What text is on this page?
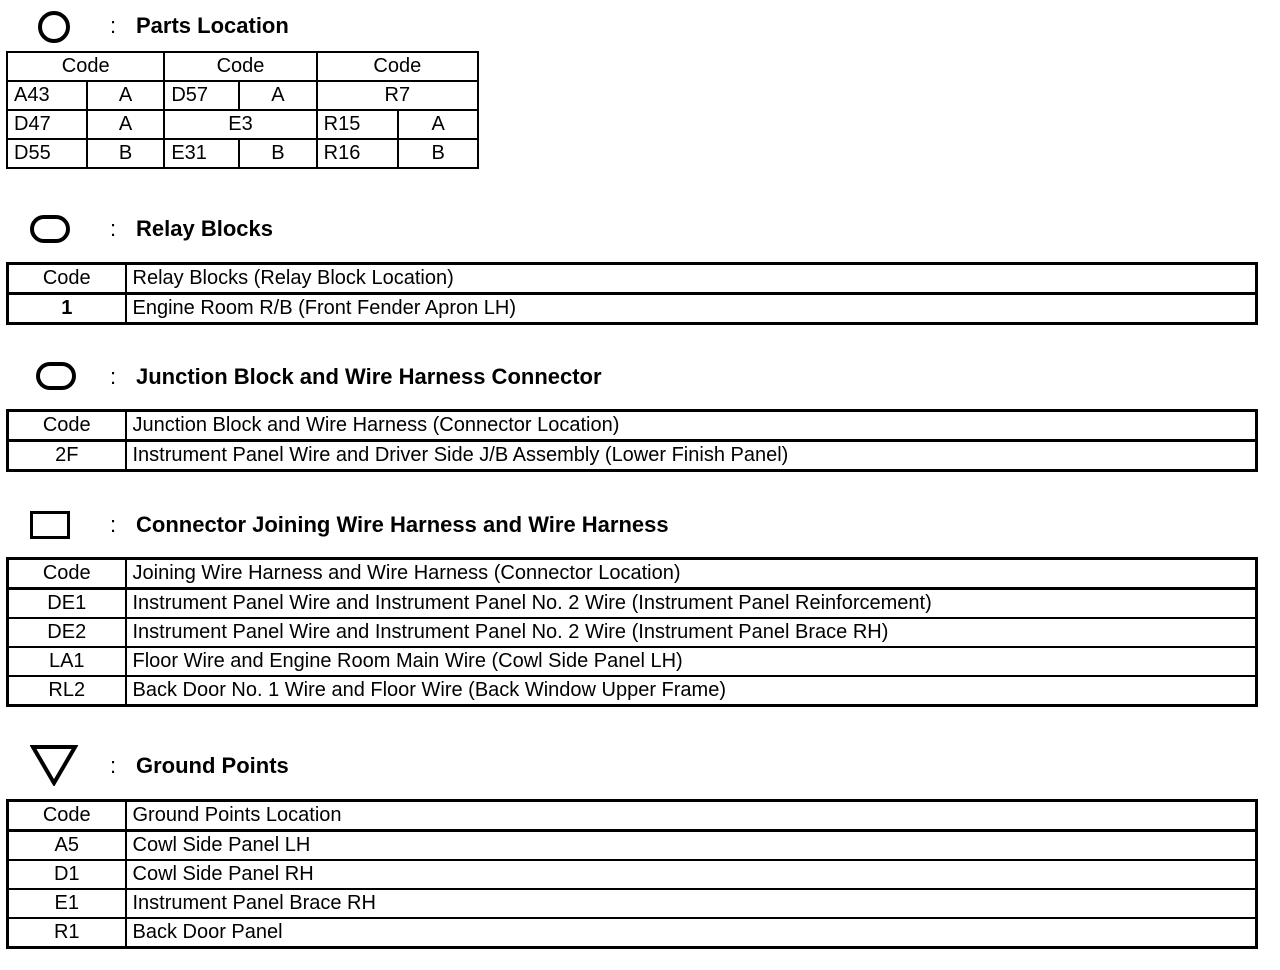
: Parts Location
Code		Code		Code	
A43	A	D57	A	R7	
D47	A	E3		R15	A
D55	B	E31	B	R16	B
: Relay Blocks
Code	Relay Blocks (Relay Block Location)
1	Engine Room R/B (Front Fender Apron LH)
: Junction Block and Wire Harness Connector
Code	Junction Block and Wire Harness (Connector Location)
2F	Instrument Panel Wire and Driver Side J/B Assembly (Lower Finish Panel)
: Connector Joining Wire Harness and Wire Harness
Code	Joining Wire Harness and Wire Harness (Connector Location)
DE1	Instrument Panel Wire and Instrument Panel No. 2 Wire (Instrument Panel Reinforcement)
DE2	Instrument Panel Wire and Instrument Panel No. 2 Wire (Instrument Panel Brace RH)
LA1	Floor Wire and Engine Room Main Wire (Cowl Side Panel LH)
RL2	Back Door No. 1 Wire and Floor Wire (Back Window Upper Frame)
: Ground Points
Code	Ground Points Location
A5	Cowl Side Panel LH
D1	Cowl Side Panel RH
E1	Instrument Panel Brace RH
R1	Back Door Panel
